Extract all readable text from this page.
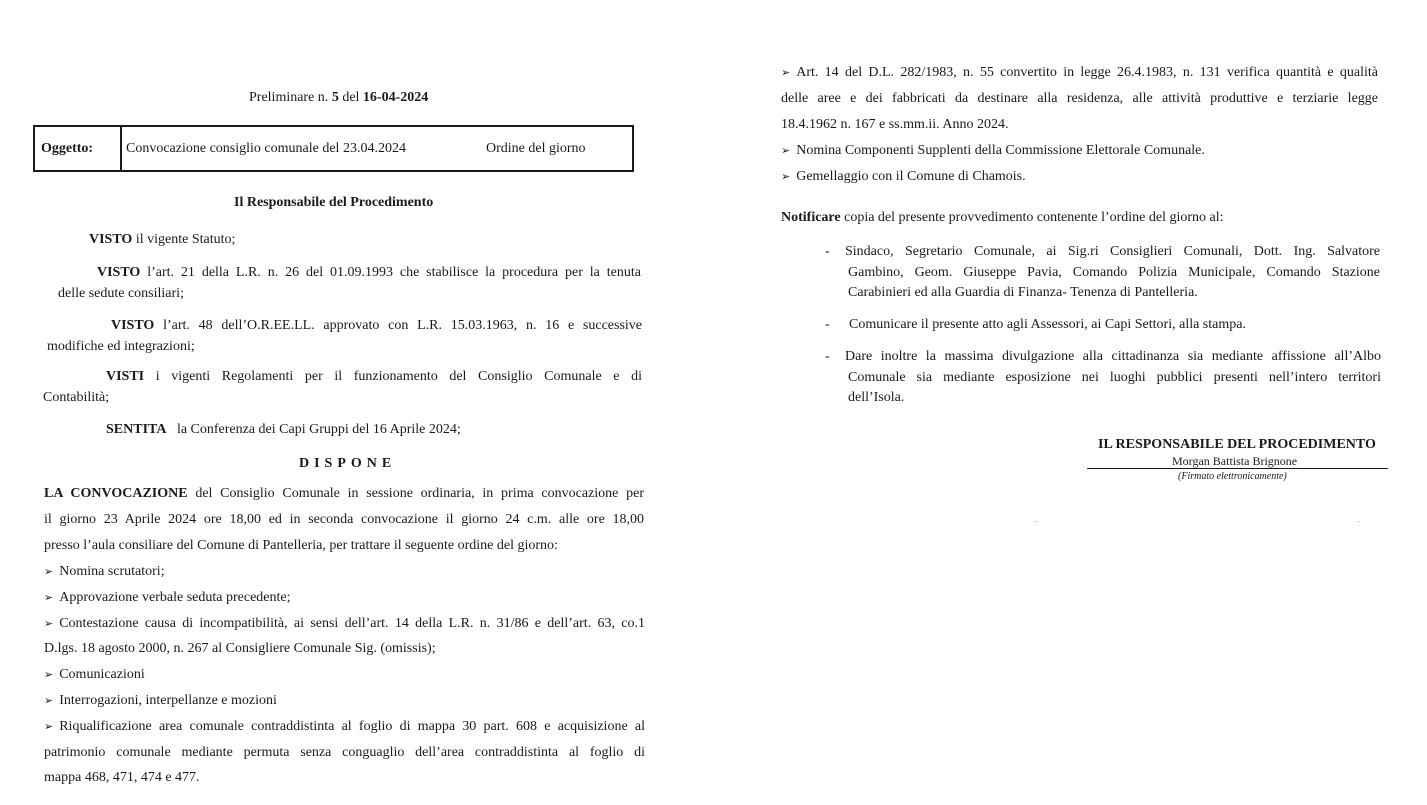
Preliminare n. 5 del 16-04-2024
Oggetto: Convocazione consiglio comunale del 23.04.2024	Ordine del giorno
Il Responsabile del Procedimento
VISTO il vigente Statuto;
VISTO l’art. 21 della L.R. n. 26 del 01.09.1993 che stabilisce la procedura per la tenuta
delle sedute consiliari;
VISTO l’art. 48 dell’O.R.EE.LL. approvato con L.R. 15.03.1963, n. 16 e successive
modifiche ed integrazioni;
VISTI i vigenti Regolamenti per il funzionamento del Consiglio Comunale e di
Contabilità;
SENTITA   la Conferenza dei Capi Gruppi del 16 Aprile 2024;
DISPONE
LA CONVOCAZIONE del Consiglio Comunale in sessione ordinaria, in prima convocazione per
il giorno 23 Aprile 2024 ore 18,00 ed in seconda convocazione il giorno 24 c.m. alle ore 18,00
presso l’aula consiliare del Comune di Pantelleria, per trattare il seguente ordine del giorno:
➢ Nomina scrutatori;
➢ Approvazione verbale seduta precedente;
➢ Contestazione causa di incompatibilità, ai sensi dell’art. 14 della L.R. n. 31/86 e dell’art. 63, co.1
D.lgs. 18 agosto 2000, n. 267 al Consigliere Comunale Sig. (omissis);
➢ Comunicazioni
➢ Interrogazioni, interpellanze e mozioni
➢ Riqualificazione area comunale contraddistinta al foglio di mappa 30 part. 608 e acquisizione al
patrimonio comunale mediante permuta senza conguaglio dell’area contraddistinta al foglio di
mappa 468, 471, 474 e 477.
➢ Art. 14 del D.L. 282/1983, n. 55 convertito in legge 26.4.1983, n. 131 verifica quantità e qualità
delle aree e dei fabbricati da destinare alla residenza, alle attività produttive e terziarie legge
18.4.1962 n. 167 e ss.mm.ii. Anno 2024.
➢ Nomina Componenti Supplenti della Commissione Elettorale Comunale.
➢ Gemellaggio con il Comune di Chamois.
Notificare copia del presente provvedimento contenente l’ordine del giorno al:
- Sindaco, Segretario Comunale, ai Sig.ri Consiglieri Comunali, Dott. Ing. Salvatore
Gambino, Geom. Giuseppe Pavia, Comando Polizia Municipale, Comando Stazione
Carabinieri ed alla Guardia di Finanza- Tenenza di Pantelleria.
- Comunicare il presente atto agli Assessori, ai Capi Settori, alla stampa.
- Dare inoltre la massima divulgazione alla cittadinanza sia mediante affissione all’Albo
Comunale sia mediante esposizione nei luoghi pubblici presenti nell’intero territori
dell’Isola.
IL RESPONSABILE DEL PROCEDIMENTO
Morgan Battista Brignone
(Firmato elettronicamente)
